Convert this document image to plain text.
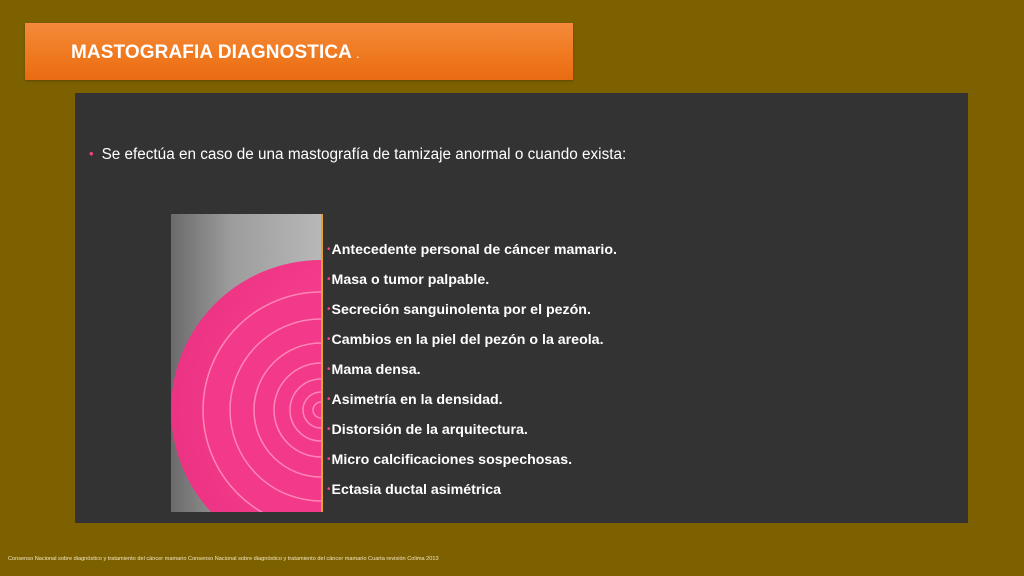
MASTOGRAFIA DIAGNOSTICA .
• Se efectúa en caso de una mastografía de tamizaje anormal o cuando exista:
•Antecedente personal de cáncer mamario.
•Masa o tumor palpable.
•Secreción sanguinolenta por el pezón.
•Cambios en la piel del pezón o la areola.
•Mama densa.
•Asimetría en la densidad.
•Distorsión de la arquitectura.
•Micro calcificaciones sospechosas.
•Ectasia ductal asimétrica
Consenso Nacional sobre diagnóstico y tratamiento del cáncer mamario Consenso Nacional sobre diagnóstico y tratamiento del cáncer mamario Cuarta revisión Colima 2013
